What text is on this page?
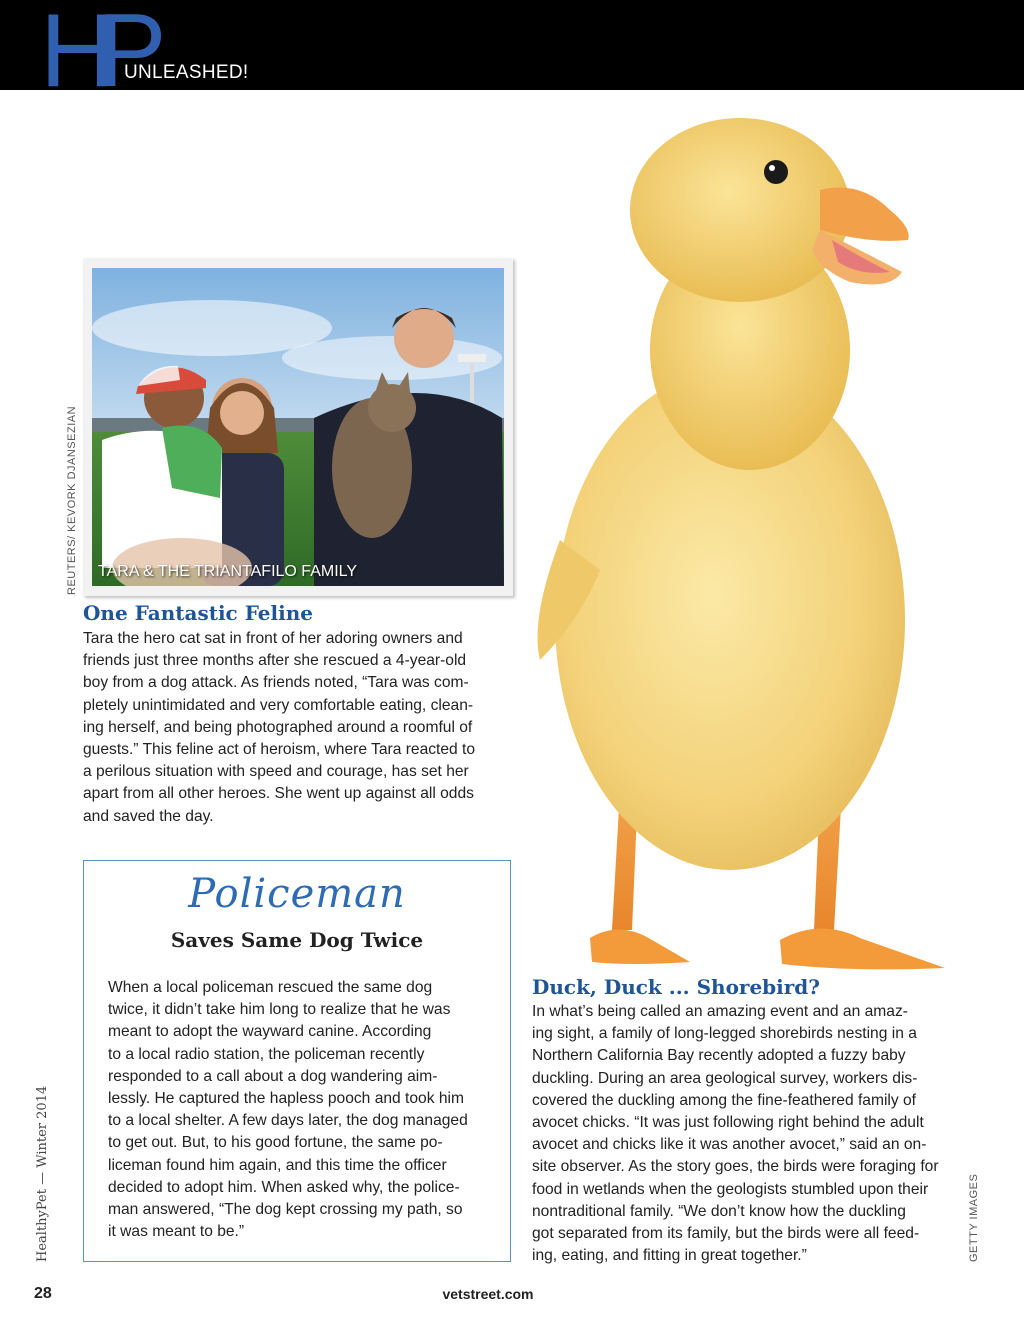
HP
UNLEASHED!
TARA & THE TRIANTAFILO FAMILY
REUTERS/ KEVORK DJANSEZIAN
One Fantastic Feline
Tara the hero cat sat in front of her adoring owners and
friends just three months after she rescued a 4-year-old
boy from a dog attack. As friends noted, “Tara was com-
pletely unintimidated and very comfortable eating, clean-
ing herself, and being photographed around a roomful of
guests.” This feline act of heroism, where Tara reacted to
a perilous situation with speed and courage, has set her
apart from all other heroes. She went up against all odds
and saved the day.
Policeman
Saves Same Dog Twice
When a local policeman rescued the same dog
twice, it didn’t take him long to realize that he was
meant to adopt the wayward canine. According
to a local radio station, the policeman recently
responded to a call about a dog wandering aim-
lessly. He captured the hapless pooch and took him
to a local shelter. A few days later, the dog managed
to get out. But, to his good fortune, the same po-
liceman found him again, and this time the officer
decided to adopt him. When asked why, the police-
man answered, “The dog kept crossing my path, so
it was meant to be.”
Duck, Duck ... Shorebird?
In what’s being called an amazing event and an amaz-
ing sight, a family of long-legged shorebirds nesting in a
Northern California Bay recently adopted a fuzzy baby
duckling. During an area geological survey, workers dis-
covered the duckling among the fine-feathered family of
avocet chicks. “It was just following right behind the adult
avocet and chicks like it was another avocet,” said an on-
site observer. As the story goes, the birds were foraging for
food in wetlands when the geologists stumbled upon their
nontraditional family. “We don’t know how the duckling
got separated from its family, but the birds were all feed-
ing, eating, and fitting in great together.”	GETTY IMAGES
HealthyPet — Winter 2014
28	vetstreet.com
